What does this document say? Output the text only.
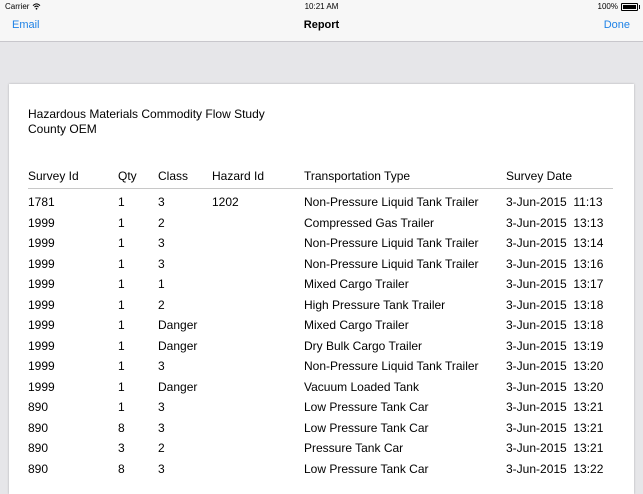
Carrier	10:21 AM	100%
Email	Report	Done
Hazardous Materials Commodity Flow Study
County OEM
Survey Id	Qty	Class	Hazard Id	Transportation Type	Survey Date
1781	1	3	1202	Non-Pressure Liquid Tank Trailer	3-Jun-2015  11:13
1999	1	2		Compressed Gas Trailer	3-Jun-2015  13:13
1999	1	3		Non-Pressure Liquid Tank Trailer	3-Jun-2015  13:14
1999	1	3		Non-Pressure Liquid Tank Trailer	3-Jun-2015  13:16
1999	1	1		Mixed Cargo Trailer	3-Jun-2015  13:17
1999	1	2		High Pressure Tank Trailer	3-Jun-2015  13:18
1999	1	Danger		Mixed Cargo Trailer	3-Jun-2015  13:18
1999	1	Danger		Dry Bulk Cargo Trailer	3-Jun-2015  13:19
1999	1	3		Non-Pressure Liquid Tank Trailer	3-Jun-2015  13:20
1999	1	Danger		Vacuum Loaded Tank	3-Jun-2015  13:20
890	1	3		Low Pressure Tank Car	3-Jun-2015  13:21
890	8	3		Low Pressure Tank Car	3-Jun-2015  13:21
890	3	2		Pressure Tank Car	3-Jun-2015  13:21
890	8	3		Low Pressure Tank Car	3-Jun-2015  13:22
